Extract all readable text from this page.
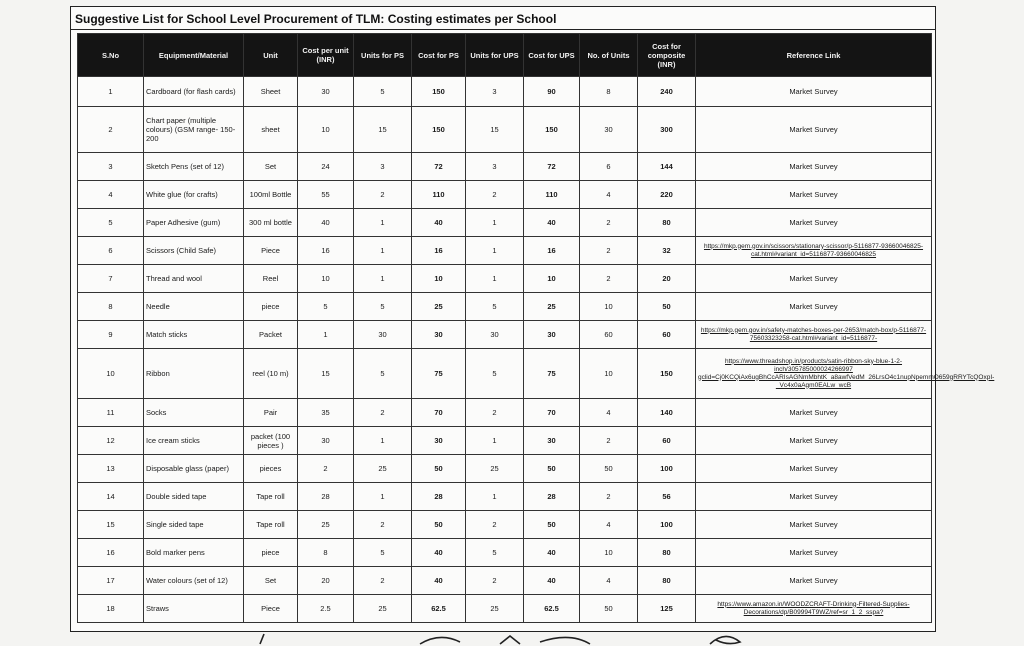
Suggestive List for School Level Procurement of TLM: Costing estimates per School
S.No	Equipment/Material	Unit	Cost per unit (INR)	Units for PS	Cost for PS	Units for UPS	Cost for UPS	No. of Units	Cost for composite (INR)	Reference Link
1	Cardboard (for flash cards)	Sheet	30	5	150	3	90	8	240	Market Survey
2	Chart paper (multiple colours) (GSM range- 150-200	sheet	10	15	150	15	150	30	300	Market Survey
3	Sketch Pens (set of 12)	Set	24	3	72	3	72	6	144	Market Survey
4	White glue (for crafts)	100ml Bottle	55	2	110	2	110	4	220	Market Survey
5	Paper Adhesive (gum)	300 ml bottle	40	1	40	1	40	2	80	Market Survey
6	Scissors (Child Safe)	Piece	16	1	16	1	16	2	32	https://mkp.gem.gov.in/scissors/stationary-scissor/p-5116877-93660046825-cat.html#variant_id=5116877-93660046825
7	Thread and wool	Reel	10	1	10	1	10	2	20	Market Survey
8	Needle	piece	5	5	25	5	25	10	50	Market Survey
9	Match sticks	Packet	1	30	30	30	30	60	60	https://mkp.gem.gov.in/safety-matches-boxes-per-2653/match-box/p-5116877-75603323258-cat.html#variant_id=5116877-
10	Ribbon	reel (10 m)	15	5	75	5	75	10	150	https://www.threadshop.in/products/satin-ribbon-sky-blue-1-2-inch/305785000024266997 gclid=Cj0KCQiAx6ugBhCcARIsAGNmMbhtK_a8awfVedM_26LrsO4c1nupNpemmO659gRRYTcQOxpI-_Vc4x0aAgm0EALw_wcB
11	Socks	Pair	35	2	70	2	70	4	140	Market Survey
12	Ice cream sticks	packet (100 pieces )	30	1	30	1	30	2	60	Market Survey
13	Disposable glass (paper)	pieces	2	25	50	25	50	50	100	Market Survey
14	Double sided tape	Tape roll	28	1	28	1	28	2	56	Market Survey
15	Single sided tape	Tape roll	25	2	50	2	50	4	100	Market Survey
16	Bold marker pens	piece	8	5	40	5	40	10	80	Market Survey
17	Water colours (set of 12)	Set	20	2	40	2	40	4	80	Market Survey
18	Straws	Piece	2.5	25	62.5	25	62.5	50	125	https://www.amazon.in/WOODZCRAFT-Drinking-Filtered-Supplies-Decorations/dp/B09994T9WZ/ref=sr_1_2_sspa?
